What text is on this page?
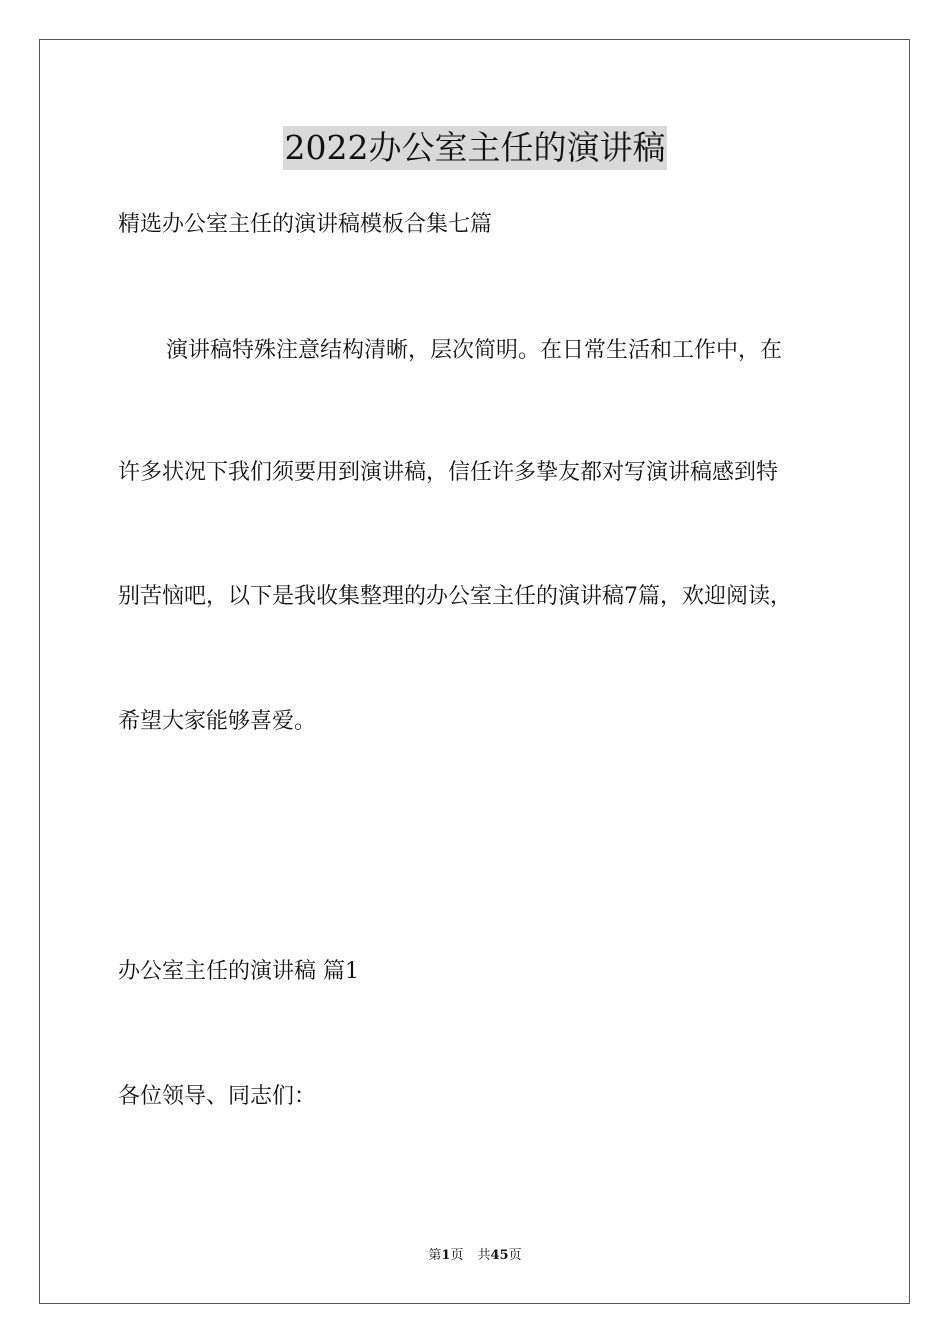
2022办公室主任的演讲稿
精选办公室主任的演讲稿模板合集七篇
演讲稿特殊注意结构清晰，层次简明。在日常生活和工作中，在
许多状况下我们须要用到演讲稿，信任许多挚友都对写演讲稿感到特
别苦恼吧，以下是我收集整理的办公室主任的演讲稿7篇，欢迎阅读，
希望大家能够喜爱。
办公室主任的演讲稿 篇1
各位领导、同志们：
第1页 共45页
